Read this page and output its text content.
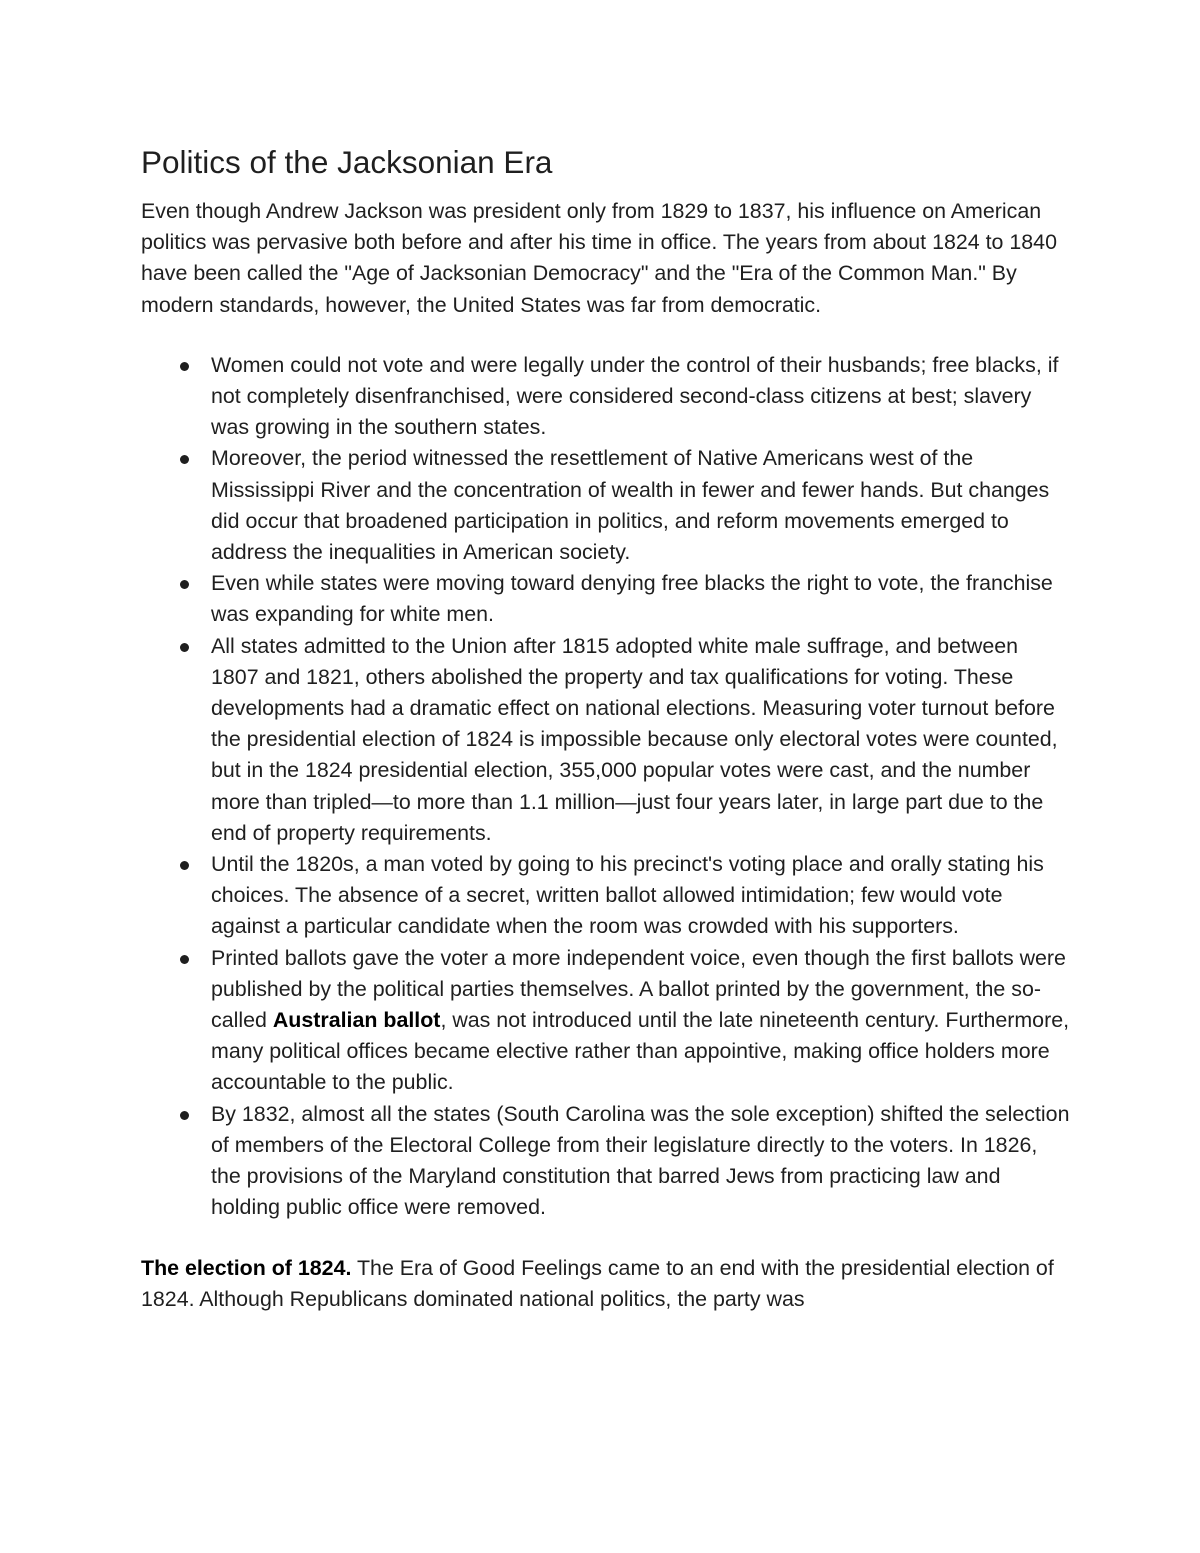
Politics of the Jacksonian Era

Even though Andrew Jackson was president only from 1829 to 1837, his influence on American politics was pervasive both before and after his time in office. The years from about 1824 to 1840 have been called the "Age of Jacksonian Democracy" and the "Era of the Common Man." By modern standards, however, the United States was far from democratic.

Women could not vote and were legally under the control of their husbands; free blacks, if not completely disenfranchised, were considered second-class citizens at best; slavery was growing in the southern states.
Moreover, the period witnessed the resettlement of Native Americans west of the Mississippi River and the concentration of wealth in fewer and fewer hands. But changes did occur that broadened participation in politics, and reform movements emerged to address the inequalities in American society.
Even while states were moving toward denying free blacks the right to vote, the franchise was expanding for white men.
All states admitted to the Union after 1815 adopted white male suffrage, and between 1807 and 1821, others abolished the property and tax qualifications for voting. These developments had a dramatic effect on national elections. Measuring voter turnout before the presidential election of 1824 is impossible because only electoral votes were counted, but in the 1824 presidential election, 355,000 popular votes were cast, and the number more than tripled—to more than 1.1 million—just four years later, in large part due to the end of property requirements.
Until the 1820s, a man voted by going to his precinct's voting place and orally stating his choices. The absence of a secret, written ballot allowed intimidation; few would vote against a particular candidate when the room was crowded with his supporters.
Printed ballots gave the voter a more independent voice, even though the first ballots were published by the political parties themselves. A ballot printed by the government, the so-called Australian ballot, was not introduced until the late nineteenth century. Furthermore, many political offices became elective rather than appointive, making office holders more accountable to the public.
By 1832, almost all the states (South Carolina was the sole exception) shifted the selection of members of the Electoral College from their legislature directly to the voters. In 1826, the provisions of the Maryland constitution that barred Jews from practicing law and holding public office were removed.

The election of 1824. The Era of Good Feelings came to an end with the presidential election of 1824. Although Republicans dominated national politics, the party was
